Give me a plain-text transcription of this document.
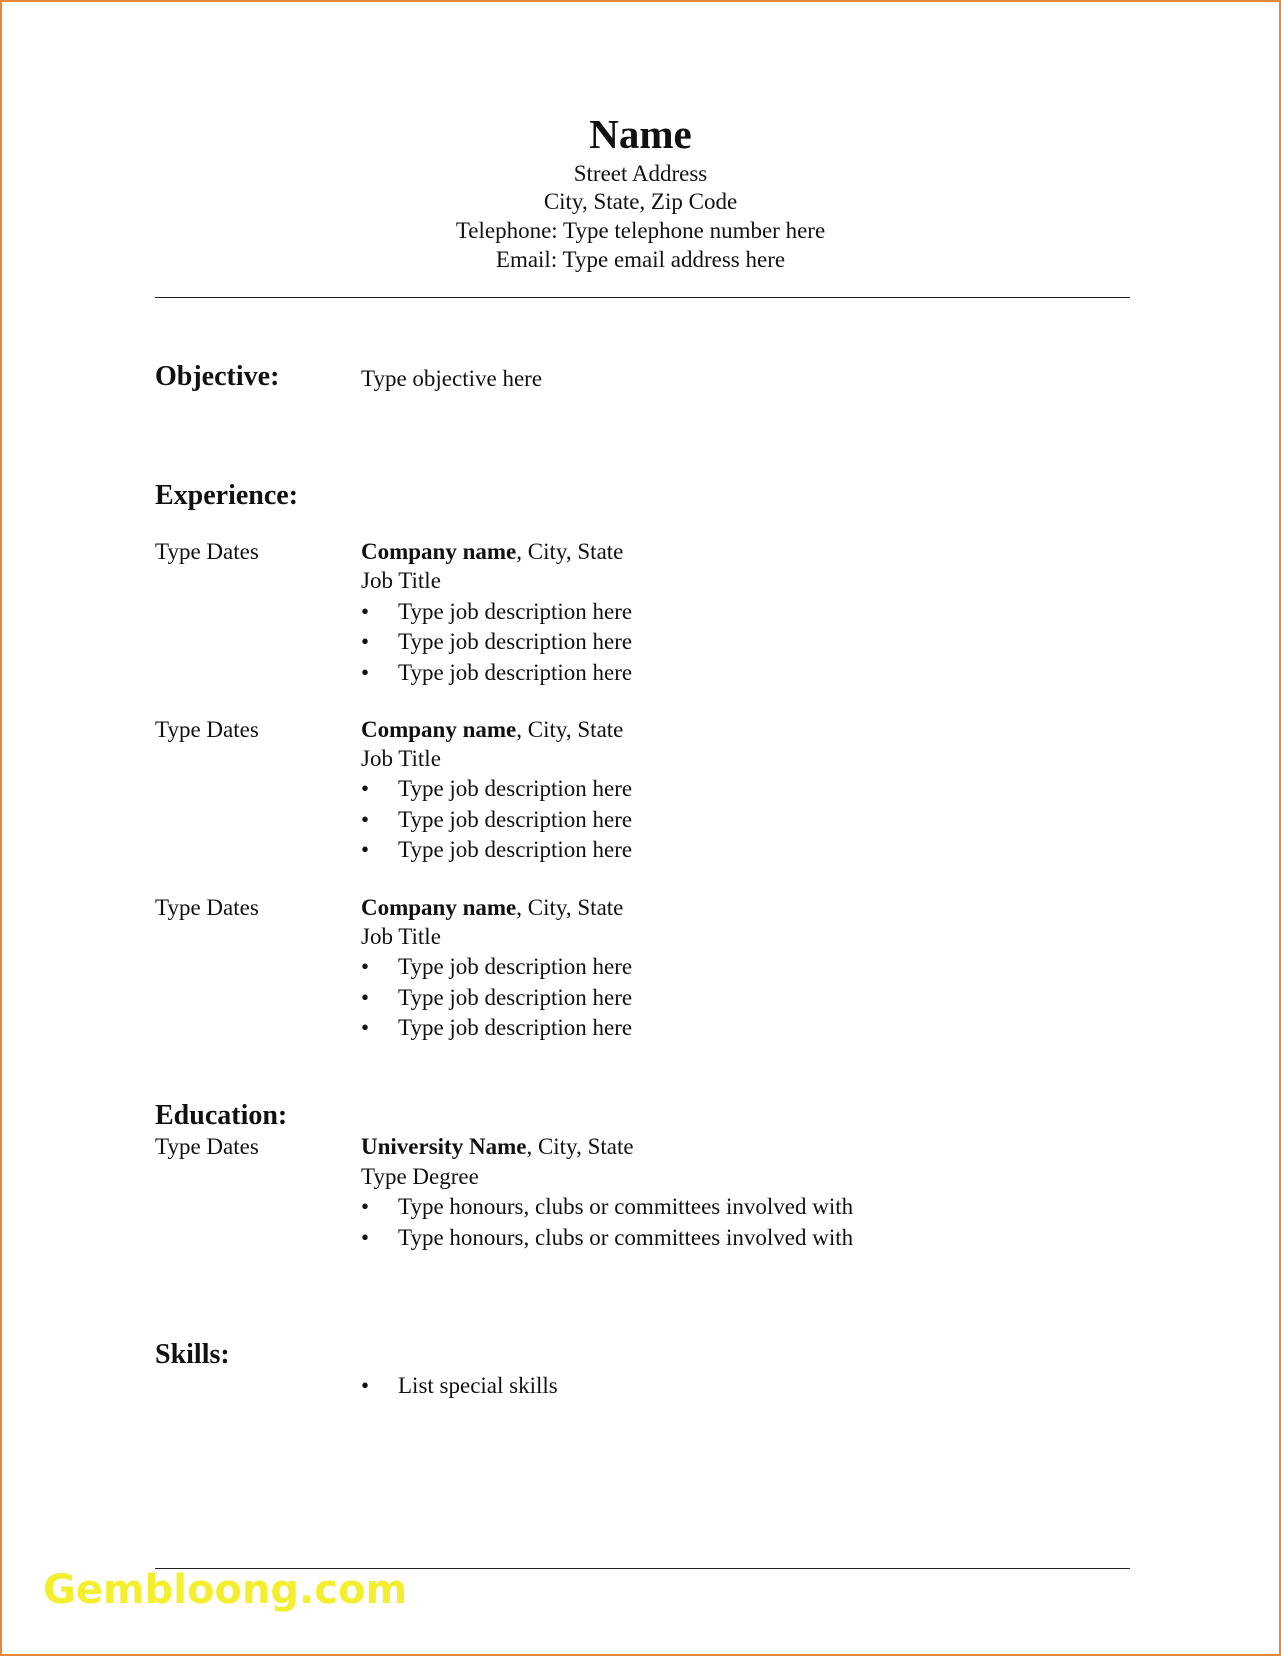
Name
Street Address
City, State, Zip Code
Telephone: Type telephone number here
Email: Type email address here
Objective:	Type objective here
Experience:
Type Dates	Company name, City, State
Job Title
• Type job description here
• Type job description here
• Type job description here
Type Dates	Company name, City, State
Job Title
• Type job description here
• Type job description here
• Type job description here
Type Dates	Company name, City, State
Job Title
• Type job description here
• Type job description here
• Type job description here
Education:
Type Dates	University Name, City, State
Type Degree
• Type honours, clubs or committees involved with
• Type honours, clubs or committees involved with
Skills:
• List special skills
Gembloong.com
